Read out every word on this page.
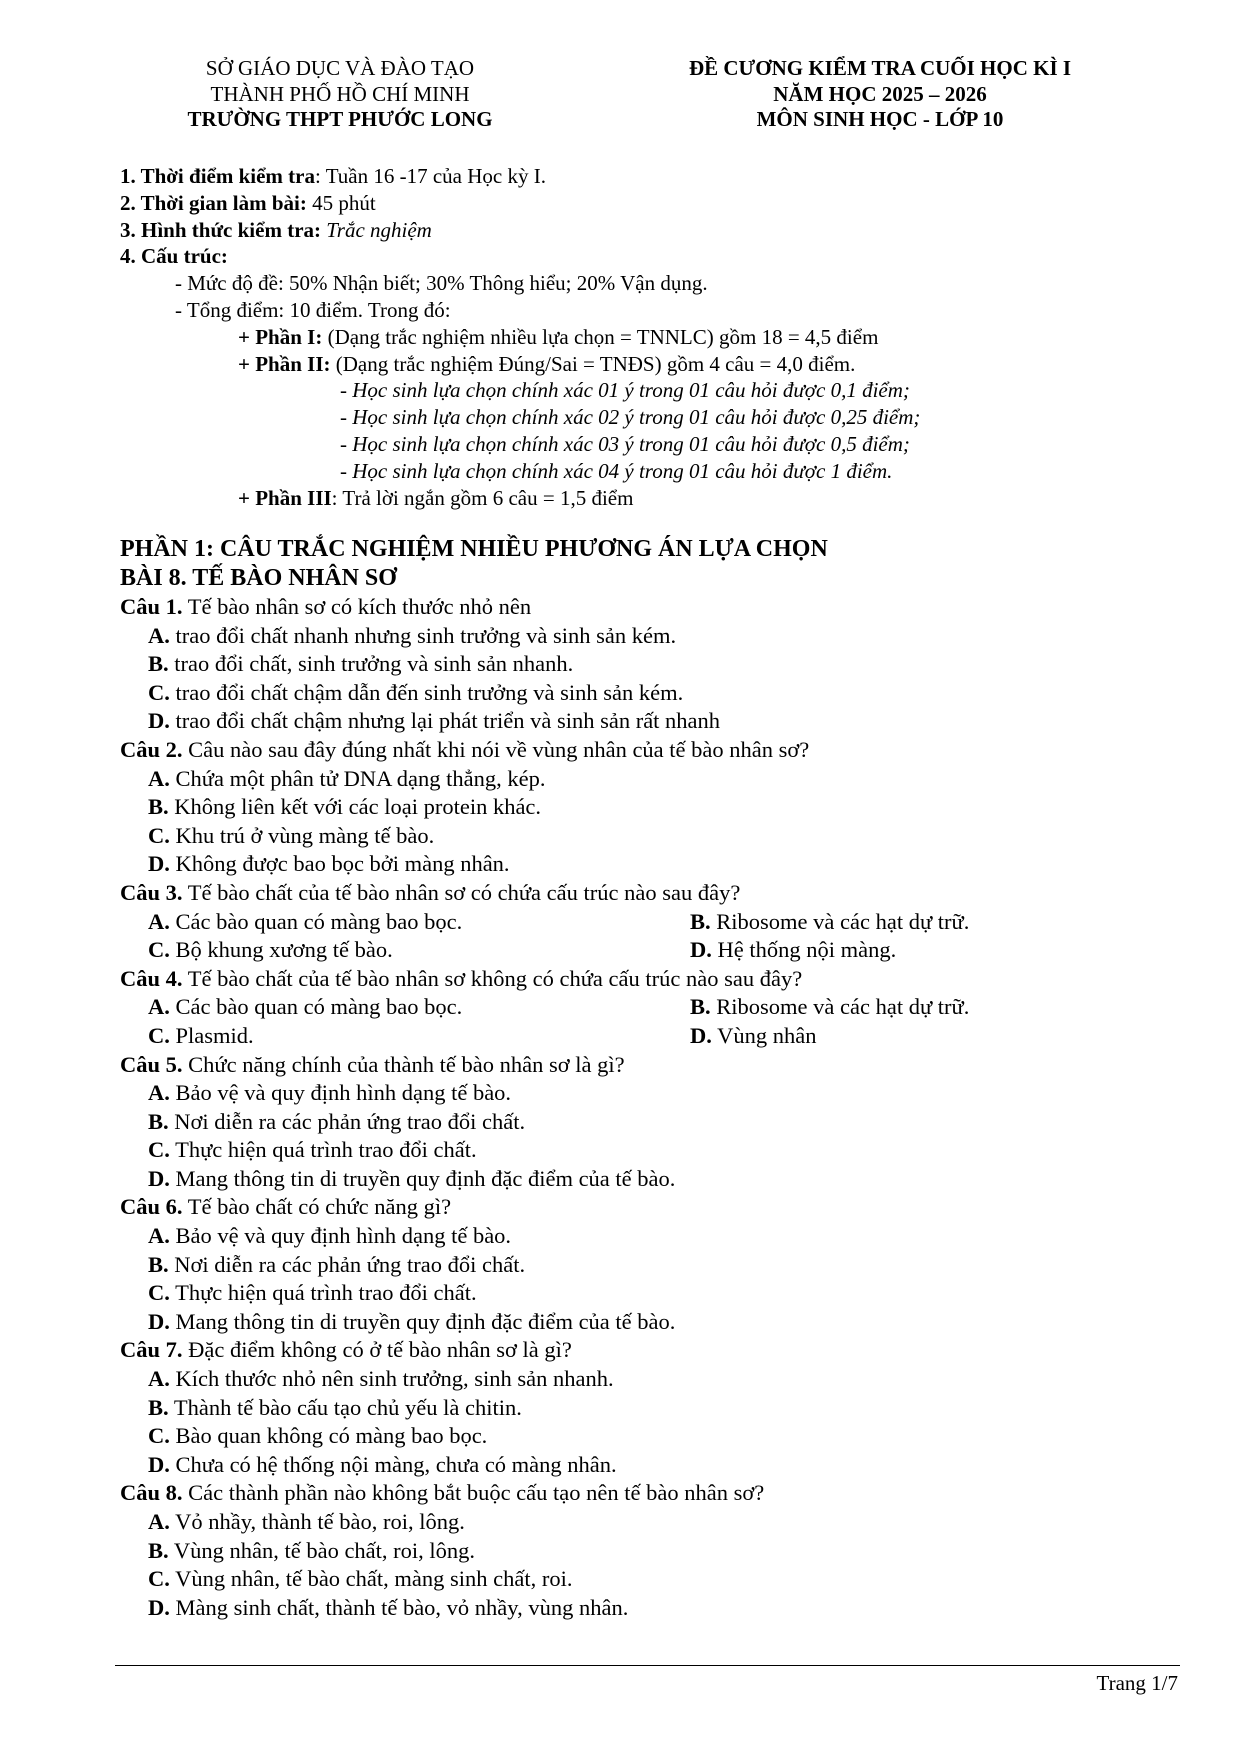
SỞ GIÁO DỤC VÀ ĐÀO TẠO
THÀNH PHỐ HỒ CHÍ MINH
TRƯỜNG THPT PHƯỚC LONG
ĐỀ CƯƠNG KIỂM TRA CUỐI HỌC KÌ I
NĂM HỌC 2025 – 2026
MÔN SINH HỌC - LỚP 10
1. Thời điểm kiểm tra: Tuần 16 -17 của Học kỳ I.
2. Thời gian làm bài: 45 phút
3. Hình thức kiểm tra: Trắc nghiệm
4. Cấu trúc:
- Mức độ đề: 50% Nhận biết; 30% Thông hiểu; 20% Vận dụng.
- Tổng điểm: 10 điểm. Trong đó:
+ Phần I: (Dạng trắc nghiệm nhiều lựa chọn = TNNLC) gồm 18 = 4,5 điểm
+ Phần II: (Dạng trắc nghiệm Đúng/Sai = TNĐS) gồm 4 câu = 4,0 điểm.
- Học sinh lựa chọn chính xác 01 ý trong 01 câu hỏi được 0,1 điểm;
- Học sinh lựa chọn chính xác 02 ý trong 01 câu hỏi được 0,25 điểm;
- Học sinh lựa chọn chính xác 03 ý trong 01 câu hỏi được 0,5 điểm;
- Học sinh lựa chọn chính xác 04 ý trong 01 câu hỏi được 1 điểm.
+ Phần III: Trả lời ngắn gồm 6 câu = 1,5 điểm
PHẦN 1: CÂU TRẮC NGHIỆM NHIỀU PHƯƠNG ÁN LỰA CHỌN
BÀI 8. TẾ BÀO NHÂN SƠ
Câu 1. Tế bào nhân sơ có kích thước nhỏ nên
A. trao đổi chất nhanh nhưng sinh trưởng và sinh sản kém.
B. trao đổi chất, sinh trưởng và sinh sản nhanh.
C. trao đổi chất chậm dẫn đến sinh trưởng và sinh sản kém.
D. trao đổi chất chậm nhưng lại phát triển và sinh sản rất nhanh
Câu 2. Câu nào sau đây đúng nhất khi nói về vùng nhân của tế bào nhân sơ?
A. Chứa một phân tử DNA dạng thẳng, kép.
B. Không liên kết với các loại protein khác.
C. Khu trú ở vùng màng tế bào.
D. Không được bao bọc bởi màng nhân.
Câu 3. Tế bào chất của tế bào nhân sơ có chứa cấu trúc nào sau đây?
A. Các bào quan có màng bao bọc.	B. Ribosome và các hạt dự trữ.
C. Bộ khung xương tế bào.	D. Hệ thống nội màng.
Câu 4. Tế bào chất của tế bào nhân sơ không có chứa cấu trúc nào sau đây?
A. Các bào quan có màng bao bọc.	B. Ribosome và các hạt dự trữ.
C. Plasmid.	D. Vùng nhân
Câu 5. Chức năng chính của thành tế bào nhân sơ là gì?
A. Bảo vệ và quy định hình dạng tế bào.
B. Nơi diễn ra các phản ứng trao đổi chất.
C. Thực hiện quá trình trao đổi chất.
D. Mang thông tin di truyền quy định đặc điểm của tế bào.
Câu 6. Tế bào chất có chức năng gì?
A. Bảo vệ và quy định hình dạng tế bào.
B. Nơi diễn ra các phản ứng trao đổi chất.
C. Thực hiện quá trình trao đổi chất.
D. Mang thông tin di truyền quy định đặc điểm của tế bào.
Câu 7. Đặc điểm không có ở tế bào nhân sơ là gì?
A. Kích thước nhỏ nên sinh trưởng, sinh sản nhanh.
B. Thành tế bào cấu tạo chủ yếu là chitin.
C. Bào quan không có màng bao bọc.
D. Chưa có hệ thống nội màng, chưa có màng nhân.
Câu 8. Các thành phần nào không bắt buộc cấu tạo nên tế bào nhân sơ?
A. Vỏ nhầy, thành tế bào, roi, lông.
B. Vùng nhân, tế bào chất, roi, lông.
C. Vùng nhân, tế bào chất, màng sinh chất, roi.
D. Màng sinh chất, thành tế bào, vỏ nhầy, vùng nhân.
Trang 1/7
